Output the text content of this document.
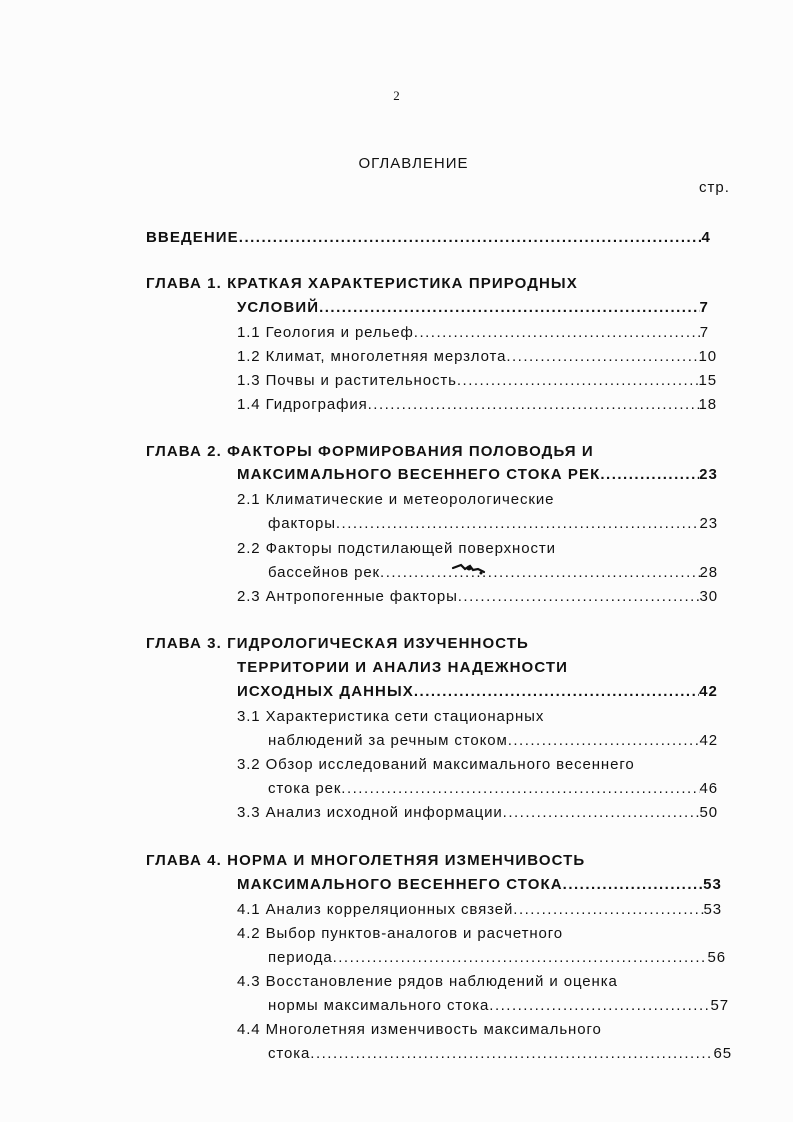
2
ОГЛАВЛЕНИЕ
стр.
ВВЕДЕНИЕ .....	4
ГЛАВА 1. КРАТКАЯ ХАРАКТЕРИСТИКА ПРИРОДНЫХ
УСЛОВИЙ .....	7
1.1 Геология и рельеф .....	7
1.2 Климат, многолетняя мерзлота .....	10
1.3 Почвы и растительность .....	15
1.4 Гидрография .....	18
ГЛАВА 2. ФАКТОРЫ ФОРМИРОВАНИЯ ПОЛОВОДЬЯ И
МАКСИМАЛЬНОГО ВЕСЕННЕГО СТОКА РЕК .....	23
2.1 Климатические и метеорологические
факторы .....	23
2.2 Факторы подстилающей поверхности
бассейнов рек .....	28
2.3 Антропогенные факторы .....	30
ГЛАВА 3. ГИДРОЛОГИЧЕСКАЯ ИЗУЧЕННОСТЬ
ТЕРРИТОРИИ И АНАЛИЗ НАДЕЖНОСТИ
ИСХОДНЫХ ДАННЫХ .....	42
3.1 Характеристика сети стационарных
наблюдений за речным стоком .....	42
3.2 Обзор исследований максимального весеннего
стока рек .....	46
3.3 Анализ исходной информации .....	50
ГЛАВА 4. НОРМА И МНОГОЛЕТНЯЯ ИЗМЕНЧИВОСТЬ
МАКСИМАЛЬНОГО ВЕСЕННЕГО СТОКА .....	53
4.1 Анализ корреляционных связей .....	53
4.2 Выбор пунктов-аналогов и расчетного
периода .....	56
4.3 Восстановление рядов наблюдений и оценка
нормы максимального стока .....	57
4.4 Многолетняя изменчивость максимального
стока .....	65
